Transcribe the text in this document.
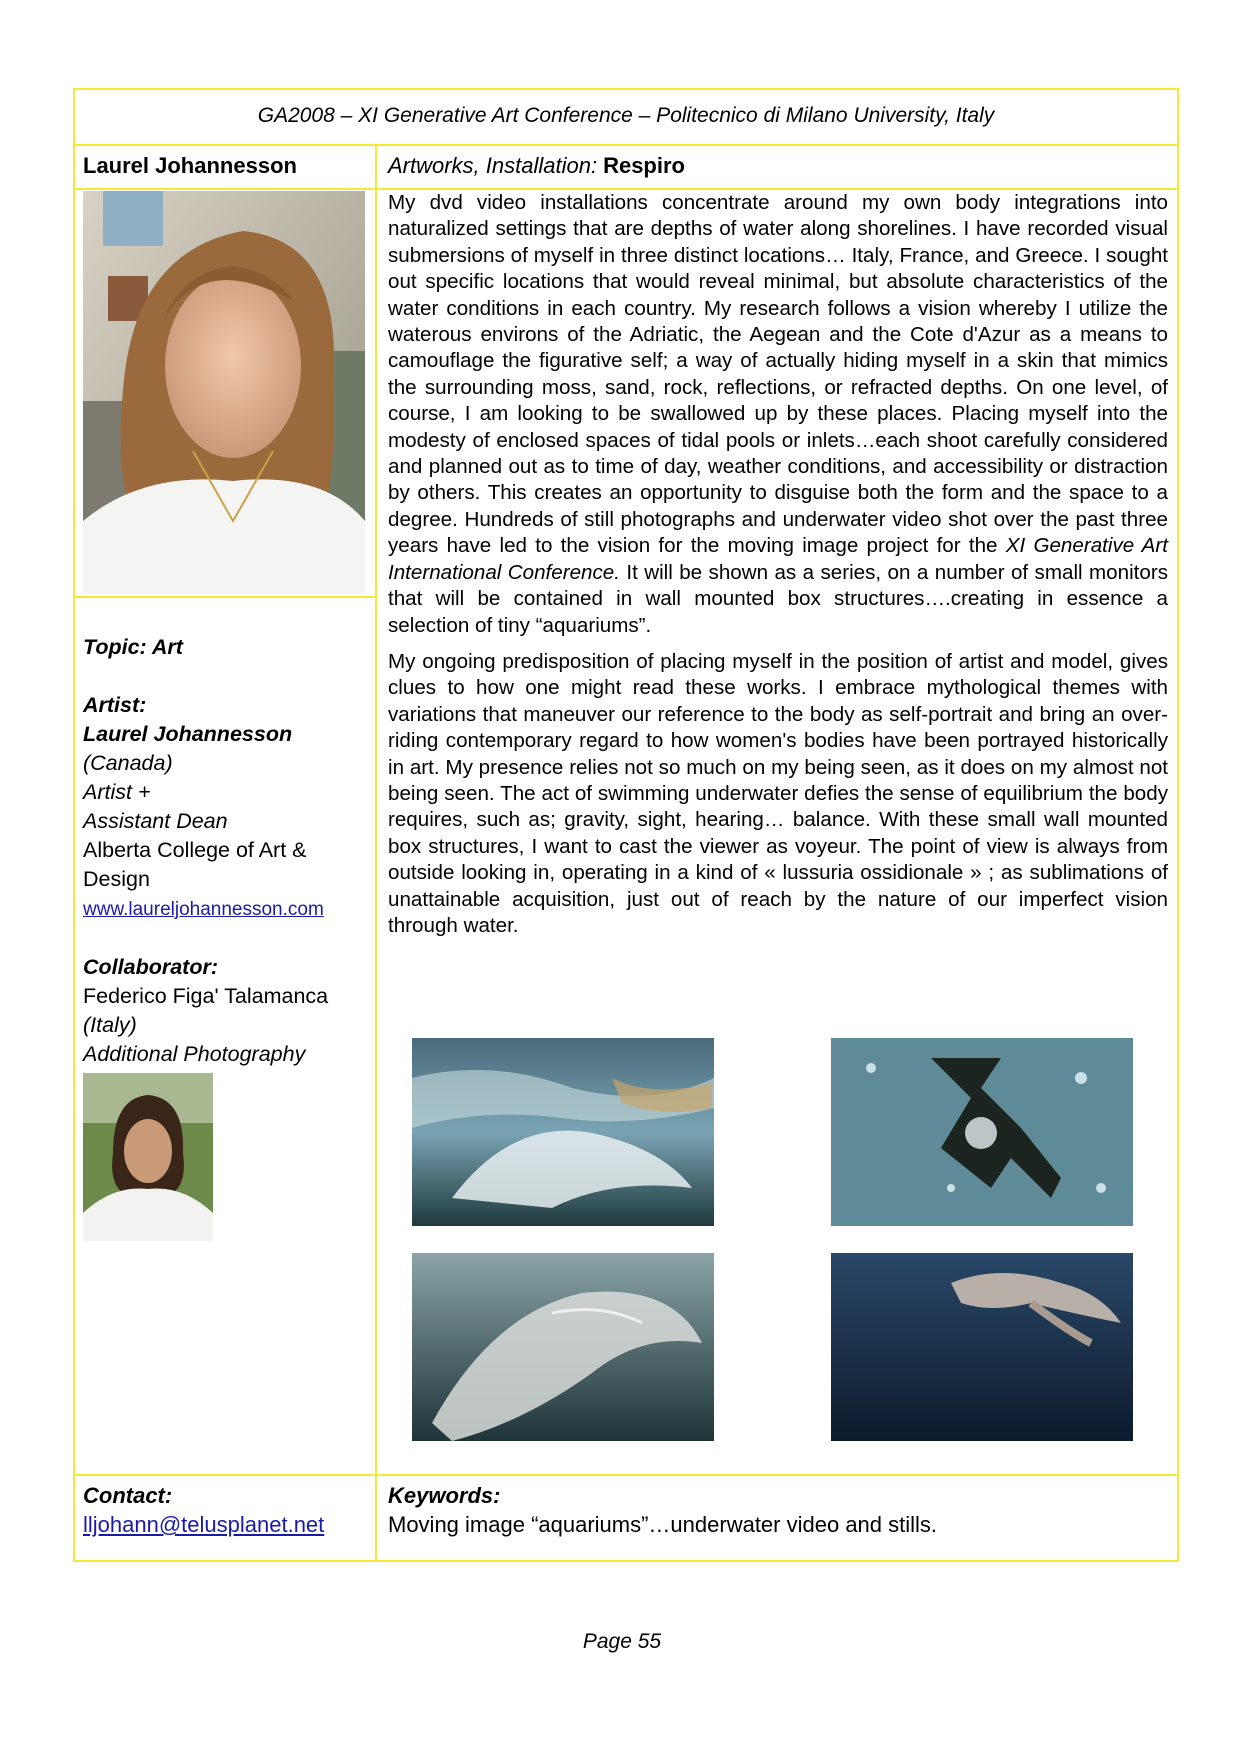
GA2008 – XI Generative Art Conference – Politecnico di Milano University, Italy
Laurel Johannesson	Artworks, Installation: Respiro
Topic: Art
Artist:
Laurel Johannesson
(Canada)
Artist +
Assistant Dean
Alberta College of Art & Design
www.laureljohannesson.com
Collaborator:
Federico Figa' Talamanca
(Italy)
Additional Photography

My dvd video installations concentrate around my own body integrations into naturalized settings that are depths of water along shorelines. I have recorded visual submersions of myself in three distinct locations… Italy, France, and Greece. I sought out specific locations that would reveal minimal, but absolute characteristics of the water conditions in each country. My research follows a vision whereby I utilize the waterous environs of the Adriatic, the Aegean and the Cote d'Azur as a means to camouflage the figurative self; a way of actually hiding myself in a skin that mimics the surrounding moss, sand, rock, reflections, or refracted depths. On one level, of course, I am looking to be swallowed up by these places. Placing myself into the modesty of enclosed spaces of tidal pools or inlets…each shoot carefully considered and planned out as to time of day, weather conditions, and accessibility or distraction by others. This creates an opportunity to disguise both the form and the space to a degree. Hundreds of still photographs and underwater video shot over the past three years have led to the vision for the moving image project for the XI Generative Art International Conference. It will be shown as a series, on a number of small monitors that will be contained in wall mounted box structures….creating in essence a selection of tiny “aquariums”.

My ongoing predisposition of placing myself in the position of artist and model, gives clues to how one might read these works. I embrace mythological themes with variations that maneuver our reference to the body as self-portrait and bring an over-riding contemporary regard to how women's bodies have been portrayed historically in art. My presence relies not so much on my being seen, as it does on my almost not being seen. The act of swimming underwater defies the sense of equilibrium the body requires, such as; gravity, sight, hearing… balance. With these small wall mounted box structures, I want to cast the viewer as voyeur. The point of view is always from outside looking in, operating in a kind of « lussuria ossidionale » ; as sublimations of unattainable acquisition, just out of reach by the nature of our imperfect vision through water.

Contact:
lljohann@telusplanet.net
Keywords:
Moving image “aquariums”…underwater video and stills.
Page 55
